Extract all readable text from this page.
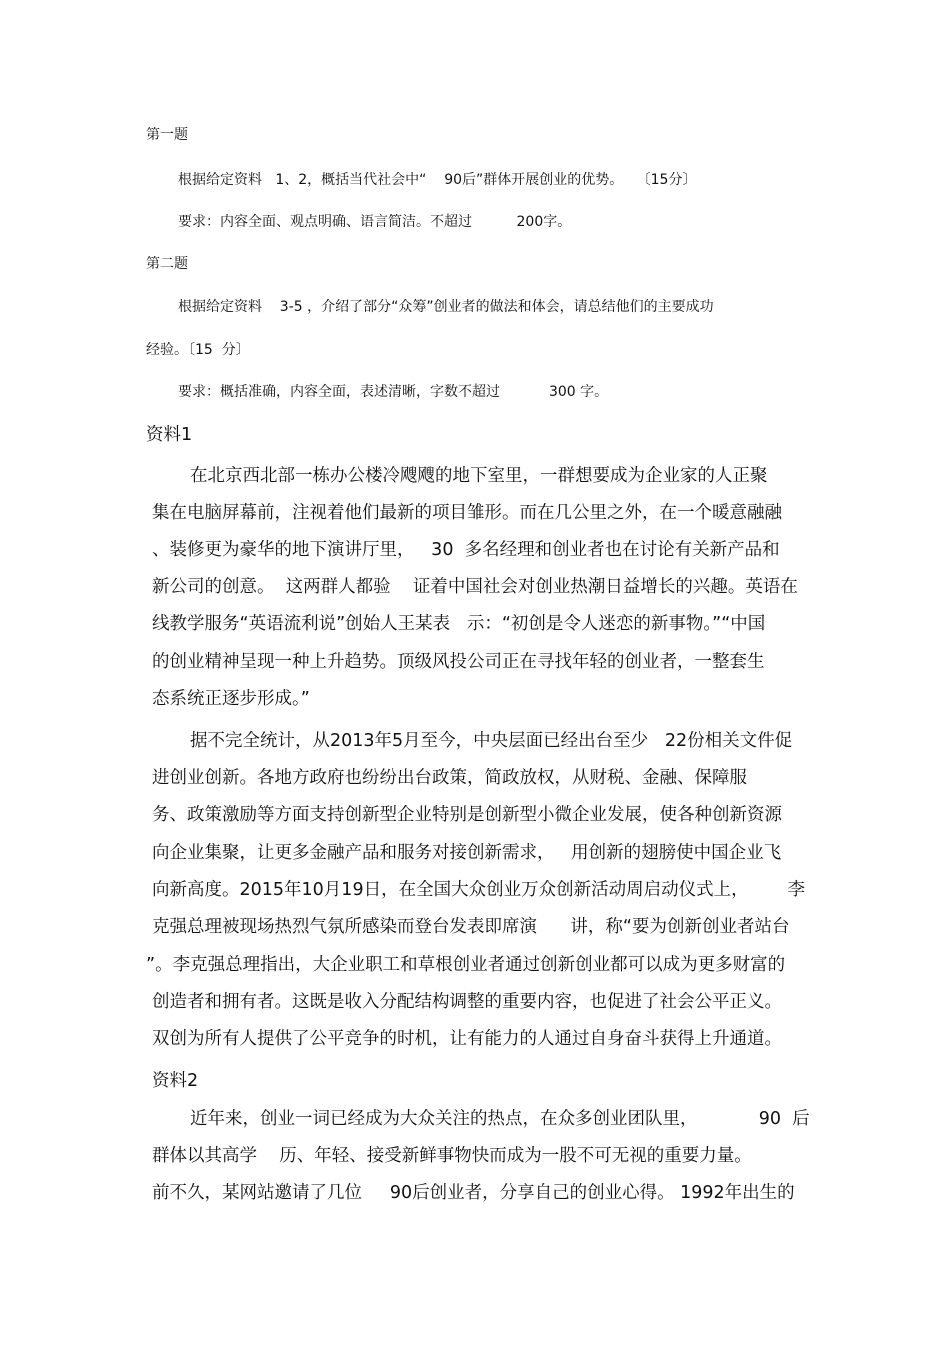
第一题
根据给定资料   1、2，概括当代社会中“    90后”群体开展创业的优势。   〔15分〕
要求：内容全面、观点明确、语言简洁。不超过          200字。
第二题
根据给定资料    3-5 ，介绍了部分“众筹”创业者的做法和体会，请总结他们的主要成功
经验。〔15  分〕
要求：概括准确，内容全面，表述清晰，字数不超过           300 字。
资料1
在北京西北部一栋办公楼冷飕飕的地下室里，一群想要成为企业家的人正聚
集在电脑屏幕前，注视着他们最新的项目雏形。而在几公里之外，在一个暖意融融
、装修更为豪华的地下演讲厅里，   30  多名经理和创业者也在讨论有关新产品和
新公司的创意。  这两群人都验    证着中国社会对创业热潮日益增长的兴趣。英语在
线教学服务“英语流利说”创始人王某表   示：“初创是令人迷恋的新事物。”“中国
的创业精神呈现一种上升趋势。顶级风投公司正在寻找年轻的创业者，一整套生
态系统正逐步形成。”
据不完全统计，从2013年5月至今，中央层面已经出台至少   22份相关文件促
进创业创新。各地方政府也纷纷出台政策，简政放权，从财税、金融、保障服
务、政策激励等方面支持创新型企业特别是创新型小微企业发展，使各种创新资源
向企业集聚，让更多金融产品和服务对接创新需求，   用创新的翅膀使中国企业飞
向新高度。2015年10月19日，在全国大众创业万众创新活动周启动仪式上，       李
克强总理被现场热烈气氛所感染而登台发表即席演      讲，称“要为创新创业者站台
”。李克强总理指出，大企业职工和草根创业者通过创新创业都可以成为更多财富的
创造者和拥有者。这既是收入分配结构调整的重要内容，也促进了社会公平正义。
双创为所有人提供了公平竞争的时机，让有能力的人通过自身奋斗获得上升通道。
资料2
近年来，创业一词已经成为大众关注的热点，在众多创业团队里，           90  后
群体以其高学    历、年轻、接受新鲜事物快而成为一股不可无视的重要力量。
前不久，某网站邀请了几位     90后创业者，分享自己的创业心得。 1992年出生的
